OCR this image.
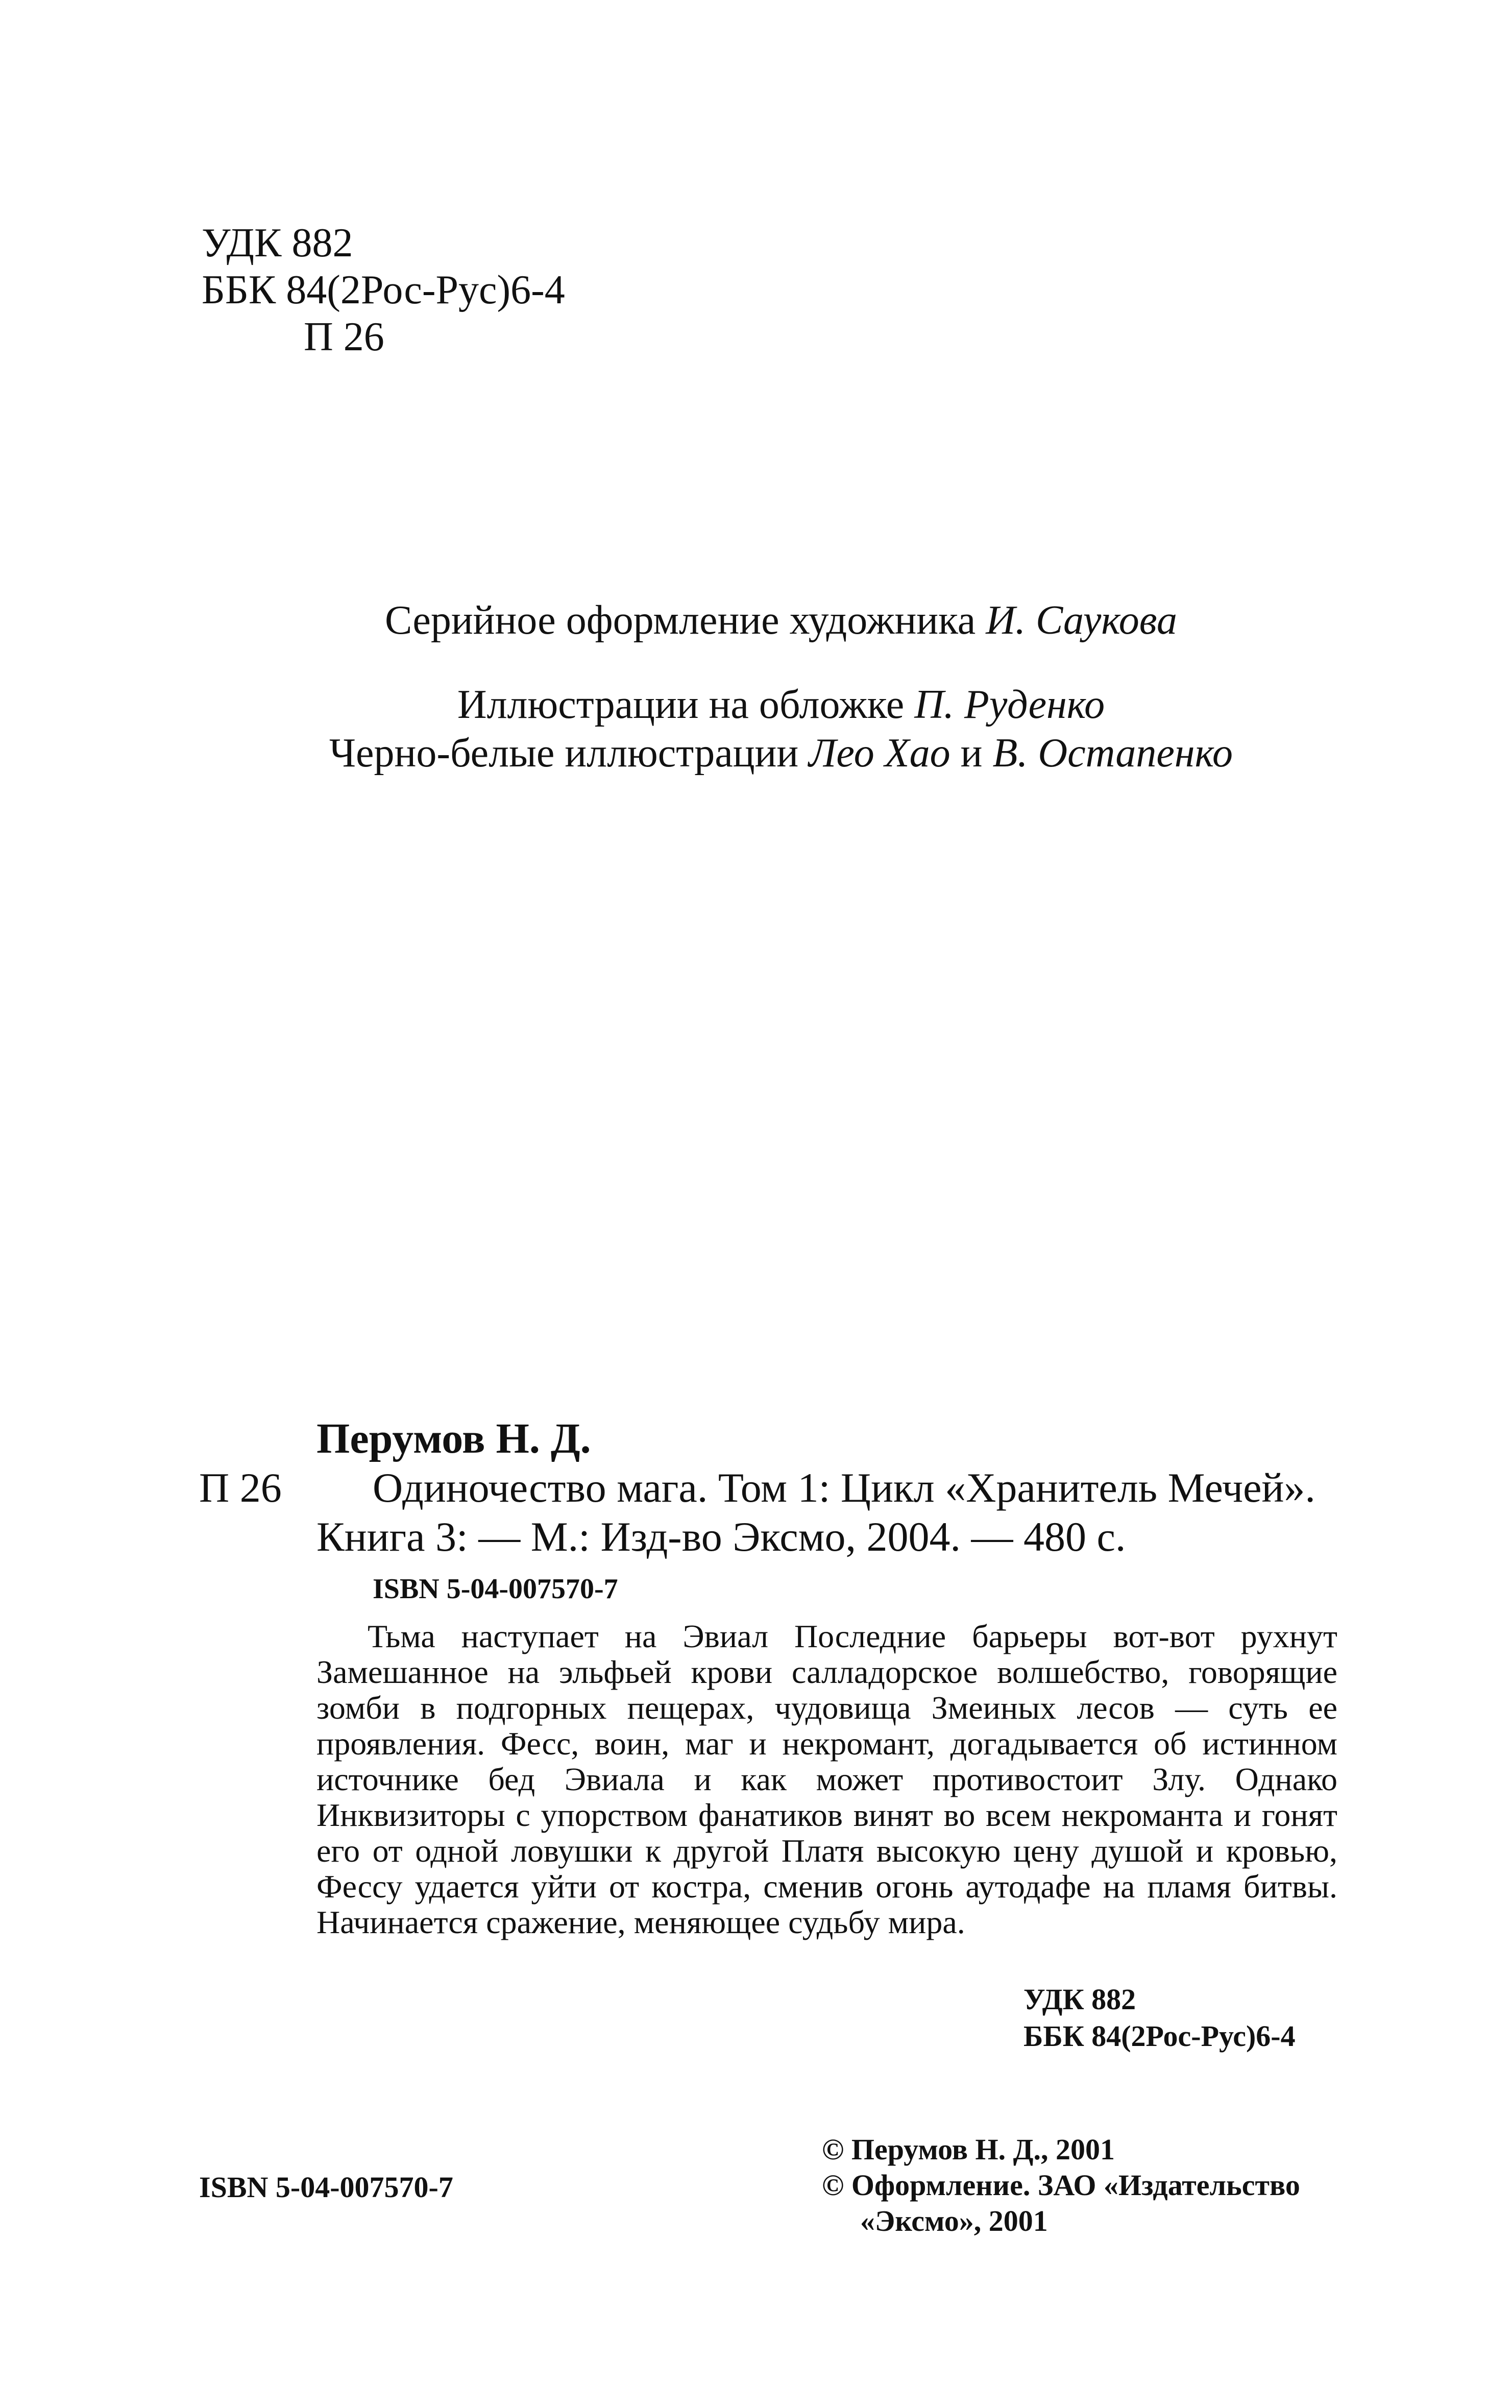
УДК 882
ББК 84(2Рос-Рус)6-4
П 26
Серийное оформление художника И. Саукова
Иллюстрации на обложке П. Руденко
Черно-белые иллюстрации Лео Хао и В. Остапенко
П 26
Перумов Н. Д.
Одиночество мага. Том 1: Цикл «Хранитель Мечей».
Книга 3: — М.: Изд-во Эксмо, 2004. — 480 с.
ISBN 5-04-007570-7

Тьма наступает на Эвиал Последние барьеры вот-вот рухнут Замешанное на эльфьей крови салладорское волшебство, говорящие зомби в подгорных пещерах, чудовища Змеиных лесов — суть ее проявления. Фесс, воин, маг и некромант, догадывается об истинном источнике бед Эвиала и как может противостоит Злу. Однако Инквизиторы с упорством фанатиков винят во всем некроманта и гонят его от одной ловушки к другой Платя высокую цену душой и кровью, Фессу удается уйти от костра, сменив огонь аутодафе на пламя битвы. Начинается сражение, меняющее судьбу мира.

УДК 882
ББК 84(2Рос-Рус)6-4
© Перумов Н. Д., 2001
© Оформление. ЗАО «Издательство
«Эксмо», 2001
ISBN 5-04-007570-7
